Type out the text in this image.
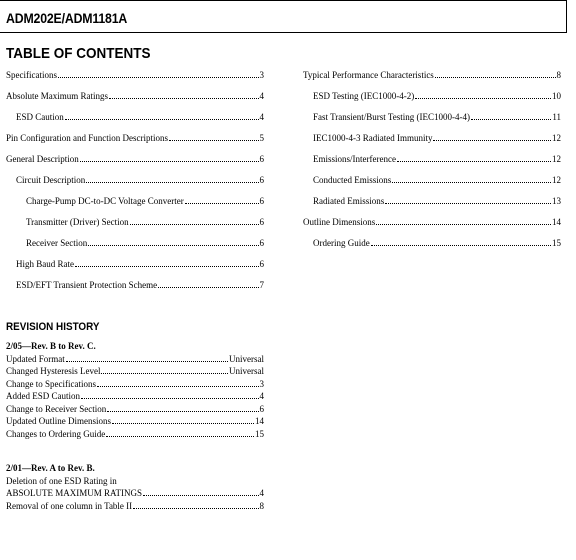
ADM202E/ADM1181A
TABLE OF CONTENTS
Specifications	3
Absolute Maximum Ratings	4
ESD Caution	4
Pin Configuration and Function Descriptions	5
General Description	6
Circuit Description	6
Charge-Pump DC-to-DC Voltage Converter	6
Transmitter (Driver) Section	6
Receiver Section	6
High Baud Rate	6
ESD/EFT Transient Protection Scheme	7
Typical Performance Characteristics	8
ESD Testing (IEC1000-4-2)	10
Fast Transient/Burst Testing (IEC1000-4-4)	11
IEC1000-4-3 Radiated Immunity	12
Emissions/Interference	12
Conducted Emissions	12
Radiated Emissions	13
Outline Dimensions	14
Ordering Guide	15
REVISION HISTORY
2/05—Rev. B to Rev. C.
Updated Format	Universal
Changed Hysteresis Level	Universal
Change to Specifications	3
Added ESD Caution	4
Change to Receiver Section	6
Updated Outline Dimensions	14
Changes to Ordering Guide	15
2/01—Rev. A to Rev. B.
Deletion of one ESD Rating in
ABSOLUTE MAXIMUM RATINGS	4
Removal of one column in Table II	8
